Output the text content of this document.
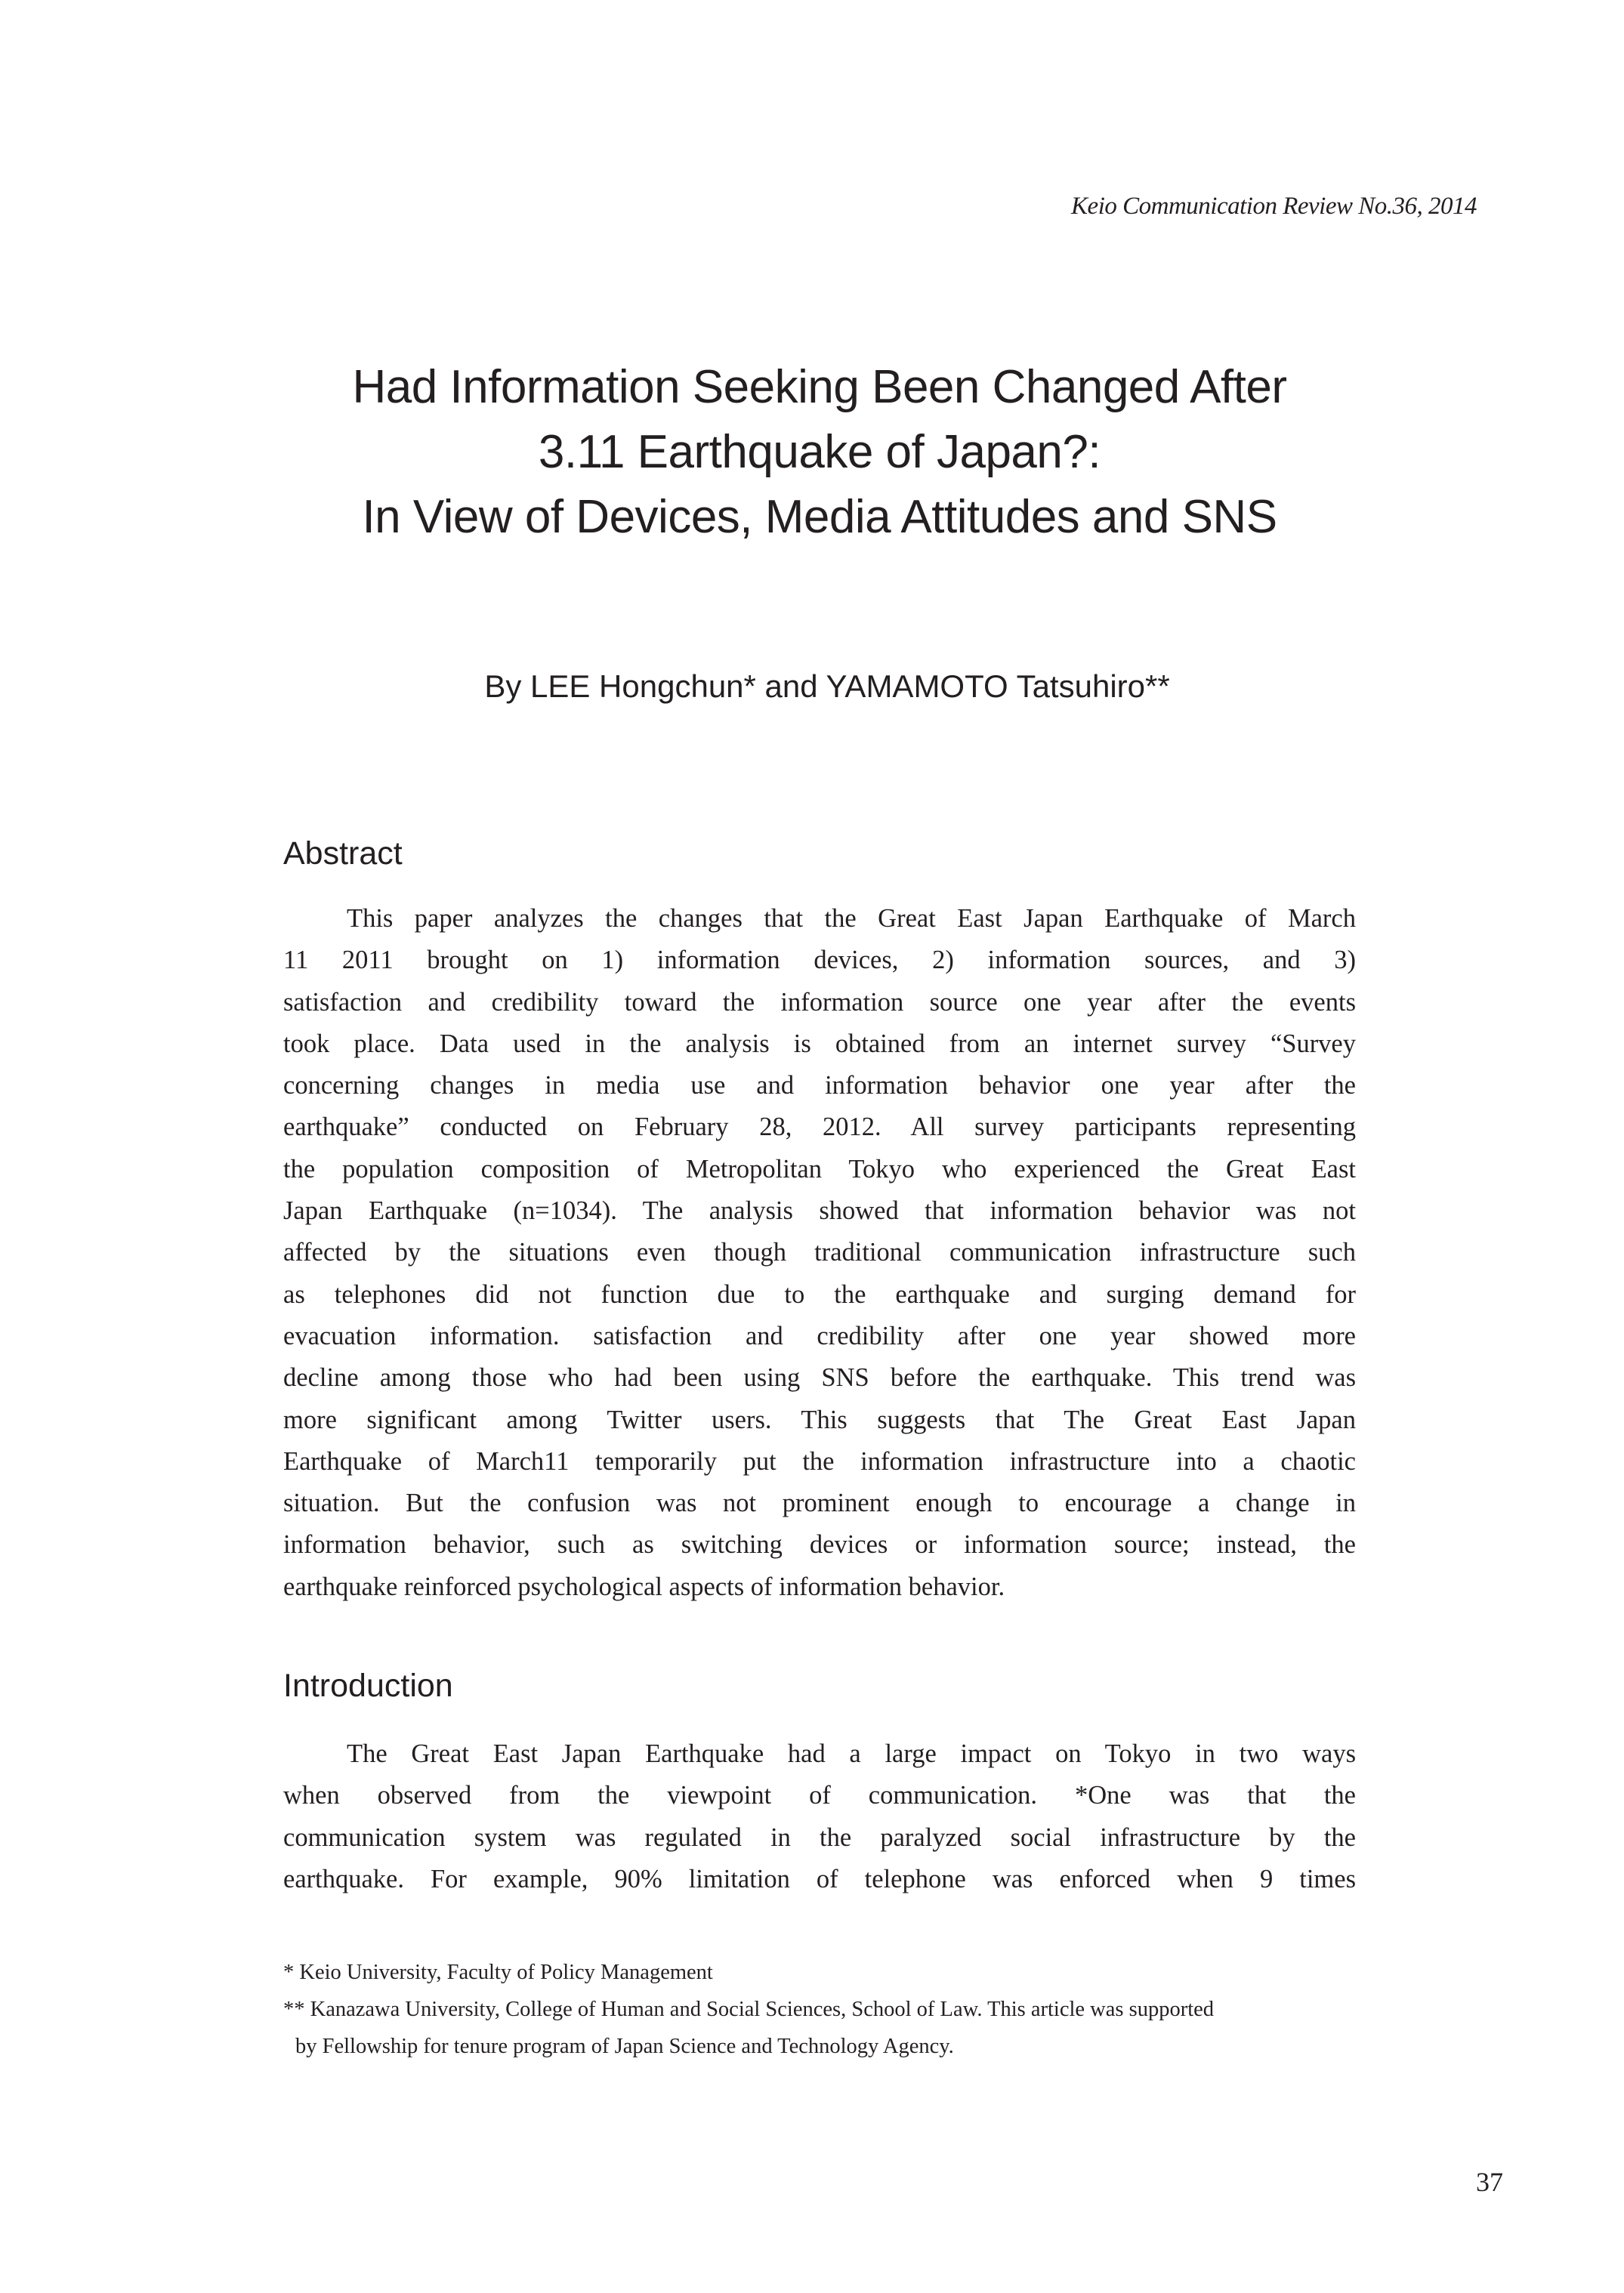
Keio Communication Review No.36, 2014
Had Information Seeking Been Changed After
3.11 Earthquake of Japan?:
In View of Devices, Media Attitudes and SNS
By LEE Hongchun* and YAMAMOTO Tatsuhiro**
Abstract
This paper analyzes the changes that the Great East Japan Earthquake of March
11 2011 brought on 1) information devices, 2) information sources, and 3)
satisfaction and credibility toward the information source one year after the events
took place. Data used in the analysis is obtained from an internet survey “Survey
concerning changes in media use and information behavior one year after the
earthquake” conducted on February 28, 2012. All survey participants representing
the population composition of Metropolitan Tokyo who experienced the Great East
Japan Earthquake (n=1034). The analysis showed that information behavior was not
affected by the situations even though traditional communication infrastructure such
as telephones did not function due to the earthquake and surging demand for
evacuation information. satisfaction and credibility after one year showed more
decline among those who had been using SNS before the earthquake. This trend was
more significant among Twitter users. This suggests that The Great East Japan
Earthquake of March11 temporarily put the information infrastructure into a chaotic
situation. But the confusion was not prominent enough to encourage a change in
information behavior, such as switching devices or information source; instead, the
earthquake reinforced psychological aspects of information behavior.
Introduction
The Great East Japan Earthquake had a large impact on Tokyo in two ways
when observed from the viewpoint of communication. *One was that the
communication system was regulated in the paralyzed social infrastructure by the
earthquake. For example, 90% limitation of telephone was enforced when 9 times
* Keio University, Faculty of Policy Management
** Kanazawa University, College of Human and Social Sciences, School of Law. This article was supported
by Fellowship for tenure program of Japan Science and Technology Agency.
37
